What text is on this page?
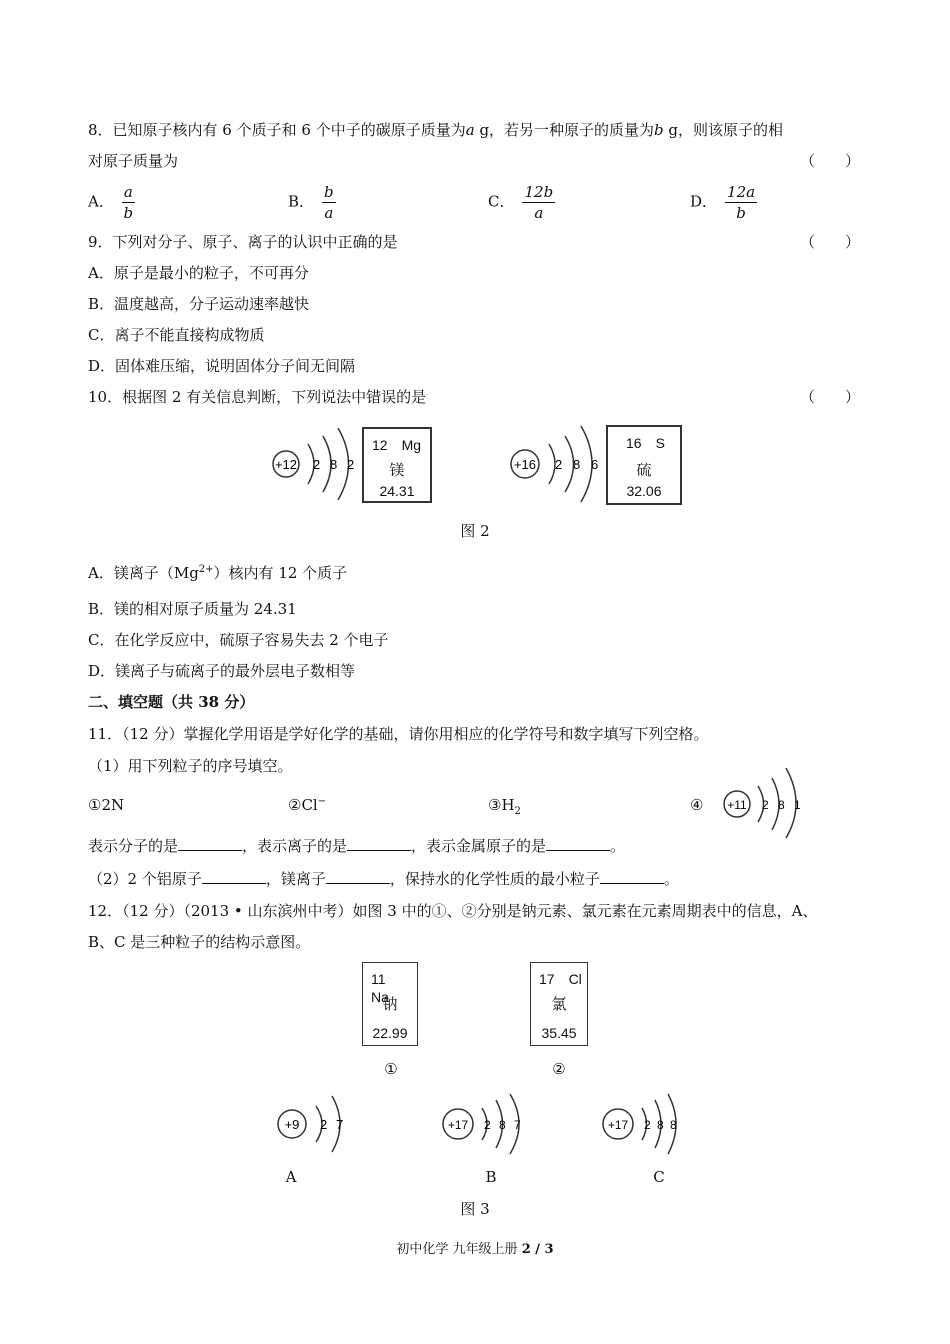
8．已知原子核内有 6 个质子和 6 个中子的碳原子质量为a g，若另一种原子的质量为b g，则该原子的相
对原子质量为	（　　）
A． $\frac{a}{b}$	B． $\frac{b}{a}$	C． $\frac{12b}{a}$	D． $\frac{12a}{b}$
9．下列对分子、原子、离子的认识中正确的是	（　　）
A．原子是最小的粒子，不可再分
B．温度越高，分子运动速率越快
C．离子不能直接构成物质
D．固体难压缩，说明固体分子间无间隔
10．根据图 2 有关信息判断，下列说法中错误的是	（　　）
+12 2 8 2
12　Mg
镁
24.31
+16 2 8 6
16　S
硫
32.06
图 2
A．镁离子$(Mg^{2+})$核内有 12 个质子
B．镁的相对原子质量为 24.31
C．在化学反应中，硫原子容易失去 2 个电子
D．镁离子与硫离子的最外层电子数相等
二、填空题（共 38 分）
11．（12 分）掌握化学用语是学好化学的基础，请你用相应的化学符号和数字填写下列空格。
（1）用下列粒子的序号填空。
①2N	②Cl−	$③H_2$	④ +11 2 8 1
表示分子的是	，表示离子的是	，表示金属原子的是	。
（2）2 个铝原子	，镁离子	，保持水的化学性质的最小粒子	。
12．（12 分）（2013 • 山东滨州中考）如图 3 中的①、②分别是钠元素、氯元素在元素周期表中的信息，A、
B、C 是三种粒子的结构示意图。
11　Na
钠
22.99
17　Cl
氯
35.45
①	②
+9 2 7	+17 2 8 7	+17 2 8 8
A	B	C
图 3
初中化学 九年级上册 2 / 3
